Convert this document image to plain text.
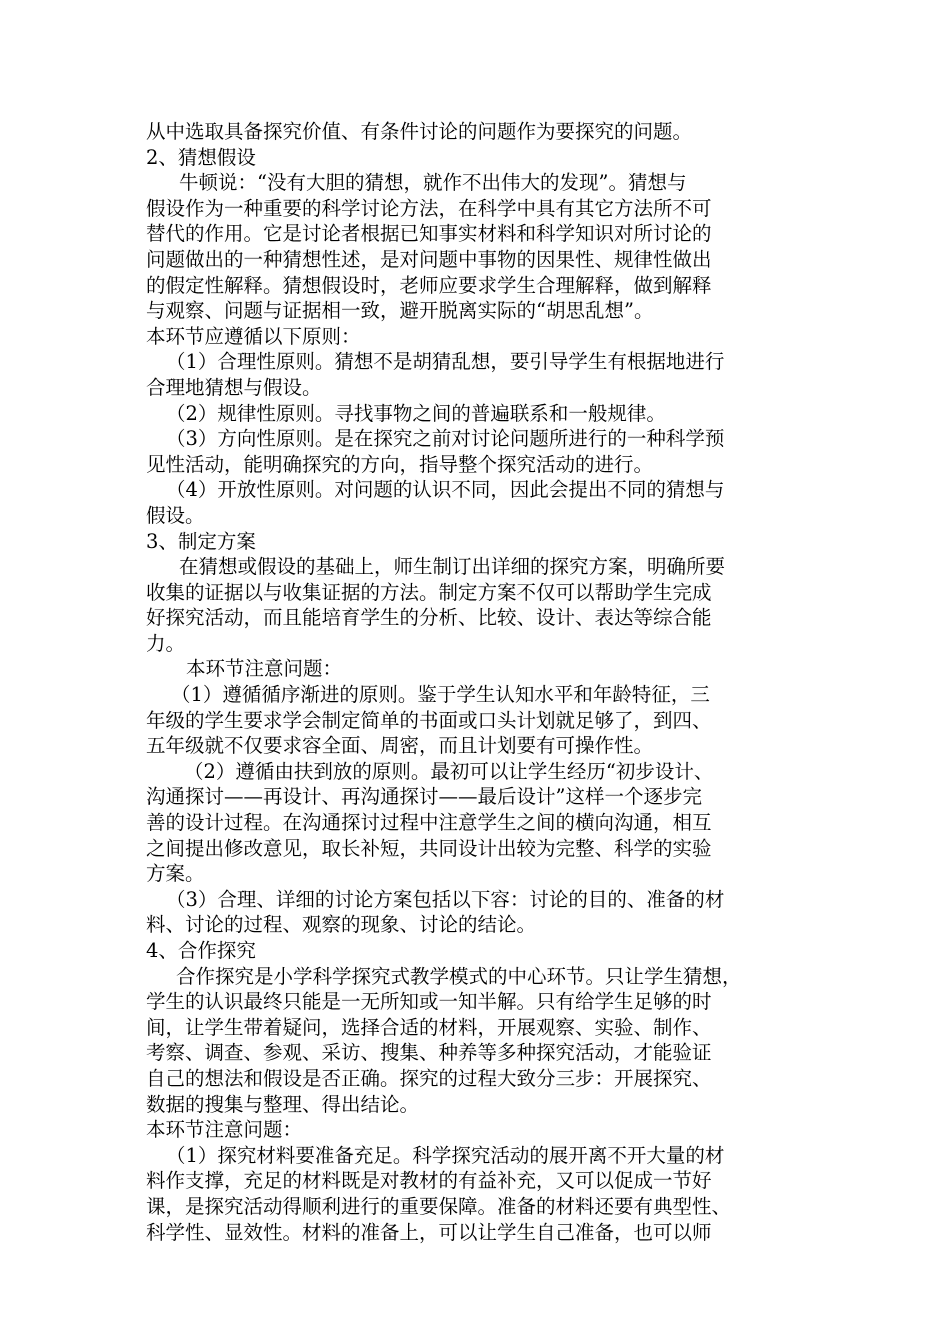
从中选取具备探究价值、有条件讨论的问题作为要探究的问题。
2、猜想假设
牛顿说：“没有大胆的猜想，就作不出伟大的发现”。猜想与
假设作为一种重要的科学讨论方法，在科学中具有其它方法所不可
替代的作用。它是讨论者根据已知事实材料和科学知识对所讨论的
问题做出的一种猜想性述，是对问题中事物的因果性、规律性做出
的假定性解释。猜想假设时，老师应要求学生合理解释，做到解释
与观察、问题与证据相一致，避开脱离实际的“胡思乱想”。
本环节应遵循以下原则：
（1）合理性原则。猜想不是胡猜乱想，要引导学生有根据地进行
合理地猜想与假设。
（2）规律性原则。寻找事物之间的普遍联系和一般规律。
（3）方向性原则。是在探究之前对讨论问题所进行的一种科学预
见性活动，能明确探究的方向，指导整个探究活动的进行。
（4）开放性原则。对问题的认识不同，因此会提出不同的猜想与
假设。
3、制定方案
在猜想或假设的基础上，师生制订出详细的探究方案，明确所要
收集的证据以与收集证据的方法。制定方案不仅可以帮助学生完成
好探究活动，而且能培育学生的分析、比较、设计、表达等综合能
力。
本环节注意问题：
（1）遵循循序渐进的原则。鉴于学生认知水平和年龄特征，三
年级的学生要求学会制定简单的书面或口头计划就足够了，到四、
五年级就不仅要求容全面、周密，而且计划要有可操作性。
（2）遵循由扶到放的原则。最初可以让学生经历“初步设计、
沟通探讨——再设计、再沟通探讨——最后设计”这样一个逐步完
善的设计过程。在沟通探讨过程中注意学生之间的横向沟通，相互
之间提出修改意见，取长补短，共同设计出较为完整、科学的实验
方案。
（3）合理、详细的讨论方案包括以下容：讨论的目的、准备的材
料、讨论的过程、观察的现象、讨论的结论。
4、合作探究
合作探究是小学科学探究式教学模式的中心环节。只让学生猜想，
学生的认识最终只能是一无所知或一知半解。只有给学生足够的时
间，让学生带着疑问，选择合适的材料，开展观察、实验、制作、
考察、调查、参观、采访、搜集、种养等多种探究活动，才能验证
自己的想法和假设是否正确。探究的过程大致分三步：开展探究、
数据的搜集与整理、得出结论。
本环节注意问题：
（1）探究材料要准备充足。科学探究活动的展开离不开大量的材
料作支撑，充足的材料既是对教材的有益补充，又可以促成一节好
课，是探究活动得顺利进行的重要保障。准备的材料还要有典型性、
科学性、显效性。材料的准备上，可以让学生自己准备，也可以师
